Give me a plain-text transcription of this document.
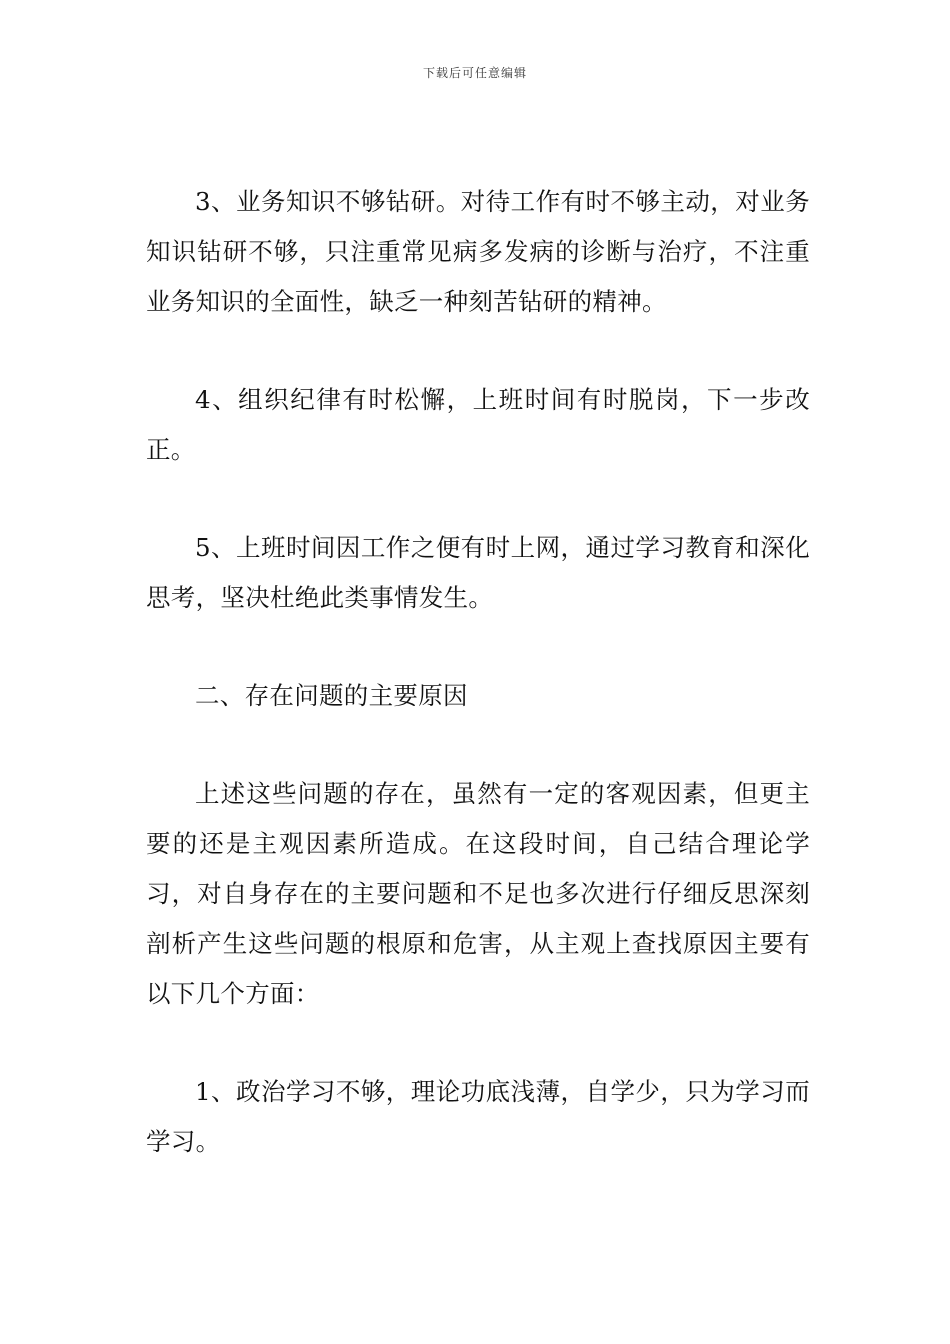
下载后可任意编辑

3、业务知识不够钻研。对待工作有时不够主动，对业务知识钻研不够，只注重常见病多发病的诊断与治疗，不注重业务知识的全面性，缺乏一种刻苦钻研的精神。

4、组织纪律有时松懈，上班时间有时脱岗，下一步改正。

5、上班时间因工作之便有时上网，通过学习教育和深化思考，坚决杜绝此类事情发生。

二、存在问题的主要原因

上述这些问题的存在，虽然有一定的客观因素，但更主要的还是主观因素所造成。在这段时间，自己结合理论学习，对自身存在的主要问题和不足也多次进行仔细反思深刻剖析产生这些问题的根原和危害，从主观上查找原因主要有以下几个方面：

1、政治学习不够，理论功底浅薄，自学少，只为学习而学习。
